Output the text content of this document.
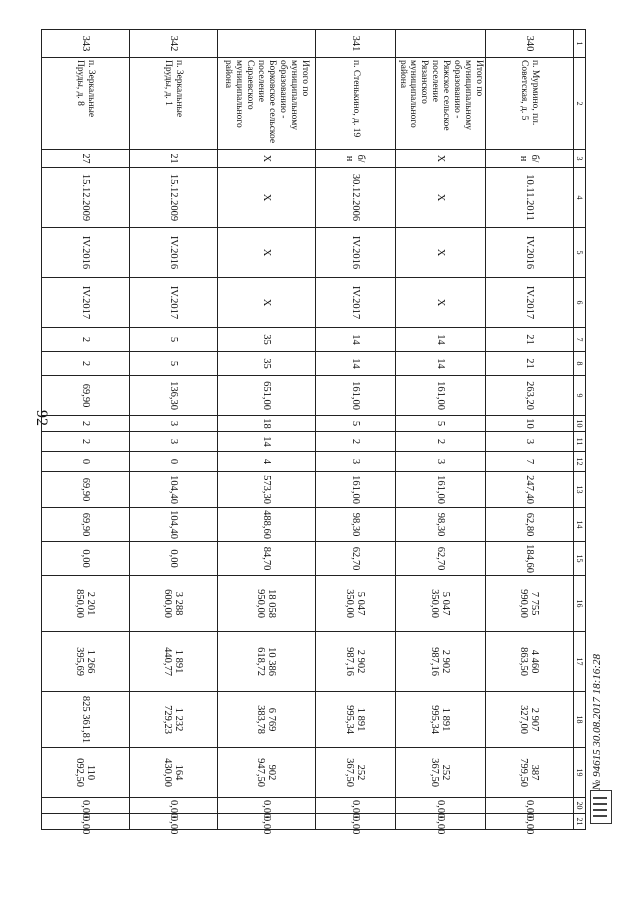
92
1	2	3	4	5	6	7	8	9	10	11	12	13	14	15	16	17	18	19	20	21
340	п. Мурмино, пл. Советская, д. 5	б/н	10.11.2011	IV.2016	IV.2017	21	21	263,20	10	3	7	247,40	62,80	184,60	7 755 990,00	4 460 863,50	2 907 327,00	387 799,50	0,00	0,00
	Итого по муниципальному образованию - Ряжское сельское поселение Рязанского муниципального района	Х	Х	Х	Х	14	14	161,00	5	2	3	161,00	98,30	62,70	5 047 350,00	2 902 987,16	1 891 995,34	252 367,50	0,00	0,00
341	п. Стенькино, д. 19	б/н	30.12.2006	IV.2016	IV.2017	14	14	161,00	5	2	3	161,00	98,30	62,70	5 047 350,00	2 902 987,16	1 891 995,34	252 367,50	0,00	0,00
	Итого по муниципальному образованию - Борковское сельское поселение Сараевского муниципального района	Х	Х	Х	Х	35	35	651,00	18	14	4	573,30	488,60	84,70	18 058 950,00	10 386 618,72	6 769 383,78	902 947,50	0,00	0,00
342	п. Зеркальные Пруды, д. 1	21	15.12.2009	IV.2016	IV.2017	5	5	136,30	3	3	0	104,40	104,40	0,00	3 288 600,00	1 891 440,77	1 232 729,23	164 430,00	0,00	0,00
343	п. Зеркальные Пруды, д. 8	27	15.12.2009	IV.2016	IV.2017	2	2	69,90	2	2	0	69,90	69,90	0,00	2 201 850,00	1 266 395,69	825 361,81	110 092,50	0,00	0,00
№ 94615 30.08.2017 18:16:28
